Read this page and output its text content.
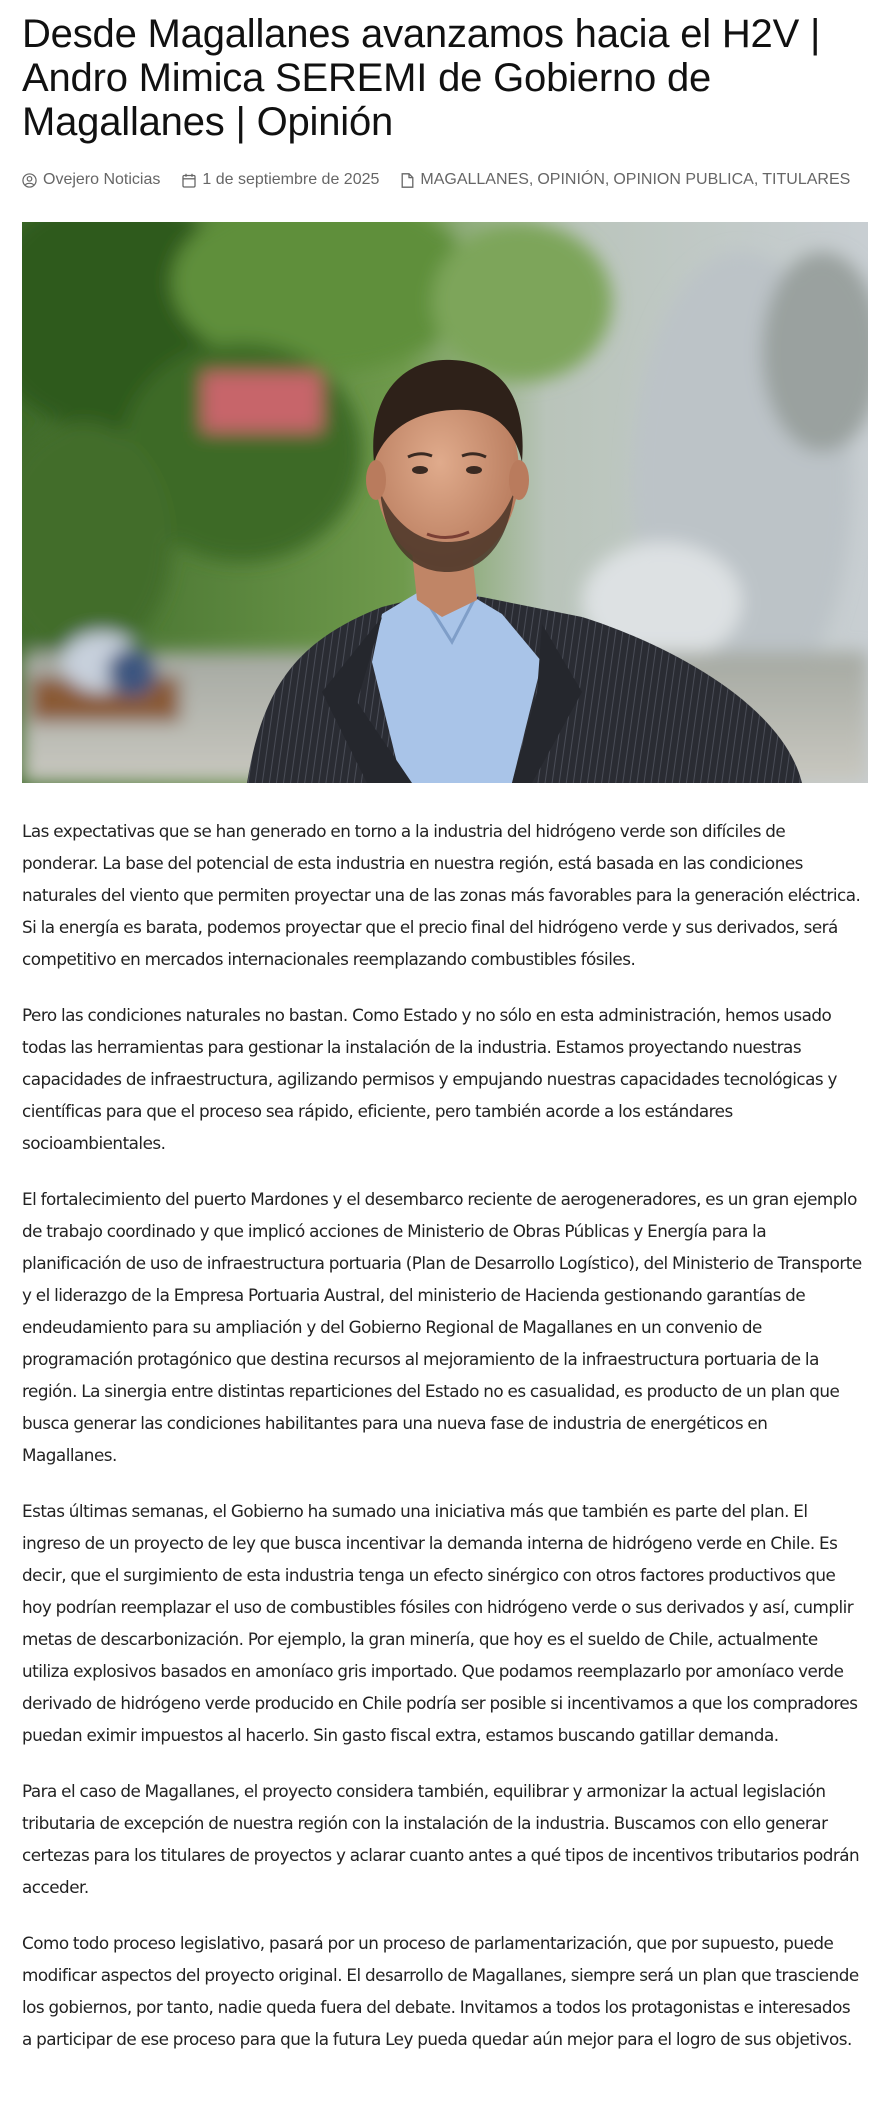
Desde Magallanes avanzamos hacia el H2V | Andro Mimica SEREMI de Gobierno de Magallanes | Opinión
Ovejero Noticias	1 de septiembre de 2025	MAGALLANES , OPINIÓN , OPINION PUBLICA , TITULARES

Las expectativas que se han generado en torno a la industria del hidrógeno verde son difíciles de ponderar. La base del potencial de esta industria en nuestra región, está basada en las condiciones naturales del viento que permiten proyectar una de las zonas más favorables para la generación eléctrica. Si la energía es barata, podemos proyectar que el precio final del hidrógeno verde y sus derivados, será competitivo en mercados internacionales reemplazando combustibles fósiles.

Pero las condiciones naturales no bastan. Como Estado y no sólo en esta administración, hemos usado todas las herramientas para gestionar la instalación de la industria. Estamos proyectando nuestras capacidades de infraestructura, agilizando permisos y empujando nuestras capacidades tecnológicas y científicas para que el proceso sea rápido, eficiente, pero también acorde a los estándares socioambientales.

El fortalecimiento del puerto Mardones y el desembarco reciente de aerogeneradores, es un gran ejemplo de trabajo coordinado y que implicó acciones de Ministerio de Obras Públicas y Energía para la planificación de uso de infraestructura portuaria (Plan de Desarrollo Logístico), del Ministerio de Transporte y el liderazgo de la Empresa Portuaria Austral, del ministerio de Hacienda gestionando garantías de endeudamiento para su ampliación y del Gobierno Regional de Magallanes en un convenio de programación protagónico que destina recursos al mejoramiento de la infraestructura portuaria de la región. La sinergia entre distintas reparticiones del Estado no es casualidad, es producto de un plan que busca generar las condiciones habilitantes para una nueva fase de industria de energéticos en Magallanes.

Estas últimas semanas, el Gobierno ha sumado una iniciativa más que también es parte del plan. El ingreso de un proyecto de ley que busca incentivar la demanda interna de hidrógeno verde en Chile. Es decir, que el surgimiento de esta industria tenga un efecto sinérgico con otros factores productivos que hoy podrían reemplazar el uso de combustibles fósiles con hidrógeno verde o sus derivados y así, cumplir metas de descarbonización. Por ejemplo, la gran minería, que hoy es el sueldo de Chile, actualmente utiliza explosivos basados en amoníaco gris importado. Que podamos reemplazarlo por amoníaco verde derivado de hidrógeno verde producido en Chile podría ser posible si incentivamos a que los compradores puedan eximir impuestos al hacerlo. Sin gasto fiscal extra, estamos buscando gatillar demanda.

Para el caso de Magallanes, el proyecto considera también, equilibrar y armonizar la actual legislación tributaria de excepción de nuestra región con la instalación de la industria. Buscamos con ello generar certezas para los titulares de proyectos y aclarar cuanto antes a qué tipos de incentivos tributarios podrán acceder.

Como todo proceso legislativo, pasará por un proceso de parlamentarización, que por supuesto, puede modificar aspectos del proyecto original. El desarrollo de Magallanes, siempre será un plan que trasciende los gobiernos, por tanto, nadie queda fuera del debate. Invitamos a todos los protagonistas e interesados a participar de ese proceso para que la futura Ley pueda quedar aún mejor para el logro de sus objetivos.
